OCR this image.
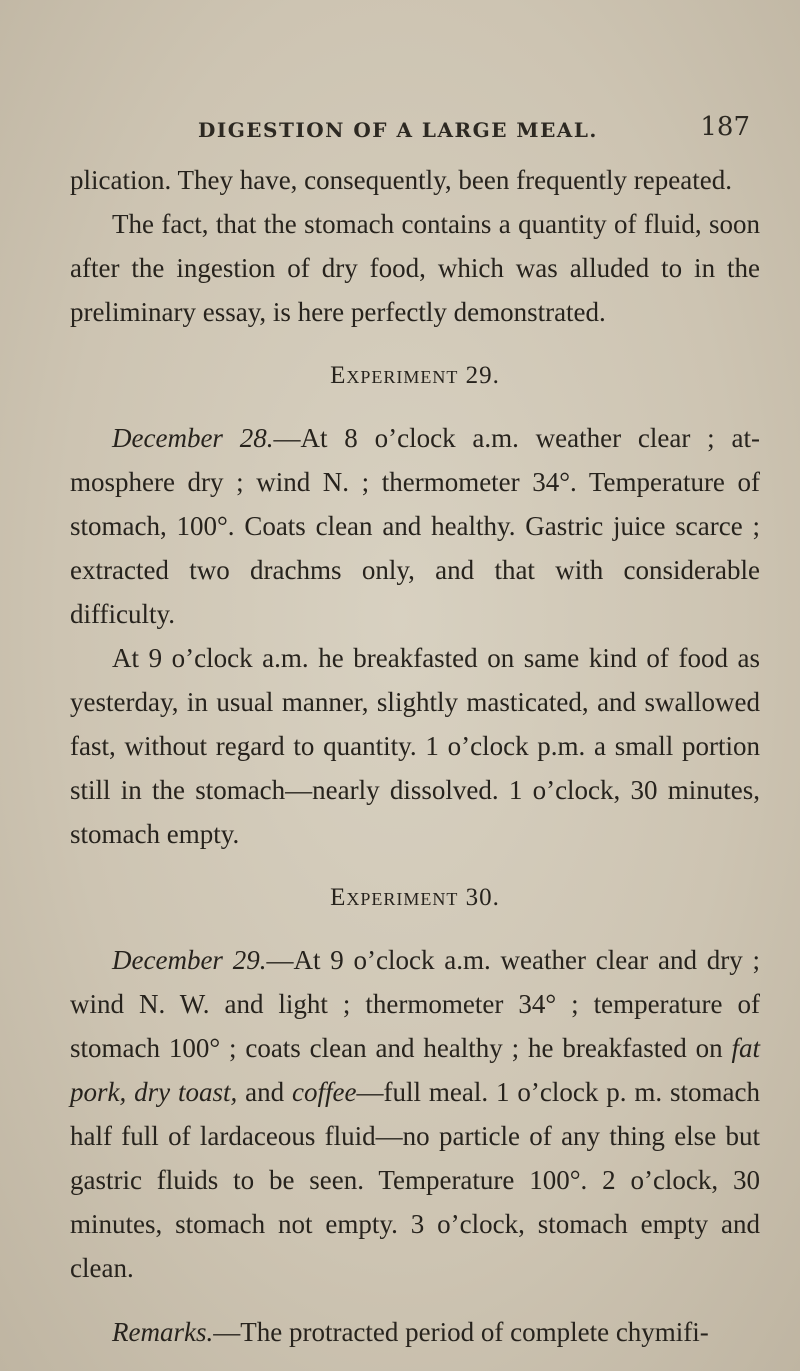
DIGESTION OF A LARGE MEAL.	187

plication. They have, consequently, been frequently repeated.

The fact, that the stomach contains a quantity of fluid, soon after the ingestion of dry food, which was alluded to in the preliminary essay, is here perfectly demonstrated.

Experiment 29.

December 28.—At 8 o’clock a.m. weather clear ; atmosphere dry ; wind N. ; thermometer 34°. Temperature of stomach, 100°. Coats clean and healthy. Gastric juice scarce ; extracted two drachms only, and that with considerable difficulty.

At 9 o’clock a.m. he breakfasted on same kind of food as yesterday, in usual manner, slightly masticated, and swallowed fast, without regard to quantity. 1 o’clock p.m. a small portion still in the stomach—nearly dissolved. 1 o’clock, 30 minutes, stomach empty.

Experiment 30.

December 29.—At 9 o’clock a.m. weather clear and dry ; wind N. W. and light ; thermometer 34° ; temperature of stomach 100° ; coats clean and healthy ; he breakfasted on fat pork, dry toast, and coffee—full meal. 1 o’clock p. m. stomach half full of lardaceous fluid—no particle of any thing else but gastric fluids to be seen. Temperature 100°. 2 o’clock, 30 minutes, stomach not empty. 3 o’clock, stomach empty and clean.

Remarks.—The protracted period of complete chymifi-
